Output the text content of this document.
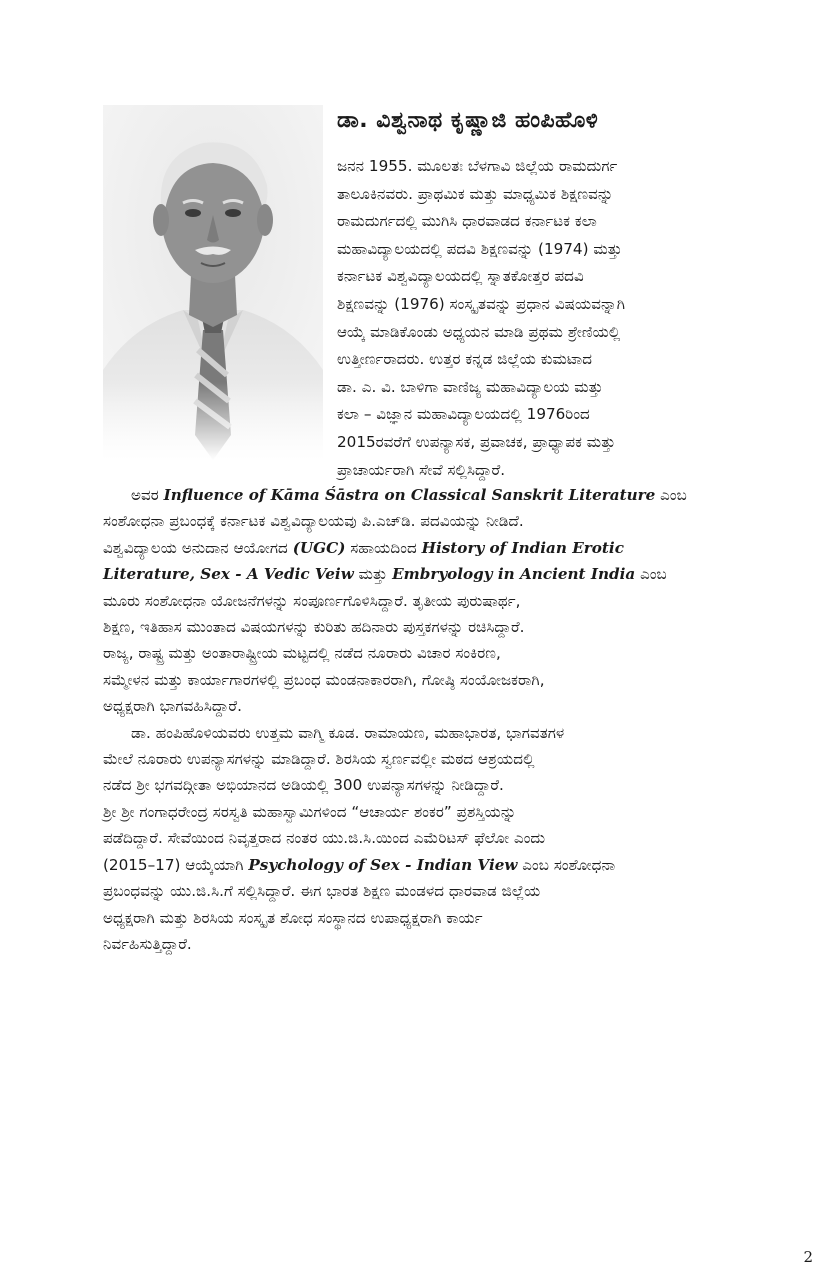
ಡಾ. ವಿಶ್ವನಾಥ ಕೃಷ್ಣಾಜಿ ಹಂಪಿಹೊಳಿ

ಜನನ 1955. ಮೂಲತಃ ಬೆಳಗಾವಿ ಜಿಲ್ಲೆಯ ರಾಮದುರ್ಗ

ತಾಲೂಕಿನವರು. ಪ್ರಾಥಮಿಕ ಮತ್ತು ಮಾಧ್ಯಮಿಕ ಶಿಕ್ಷಣವನ್ನು

ರಾಮದುರ್ಗದಲ್ಲಿ ಮುಗಿಸಿ ಧಾರವಾಡದ ಕರ್ನಾಟಕ ಕಲಾ

ಮಹಾವಿದ್ಯಾಲಯದಲ್ಲಿ ಪದವಿ ಶಿಕ್ಷಣವನ್ನು (1974) ಮತ್ತು

ಕರ್ನಾಟಕ ವಿಶ್ವವಿದ್ಯಾಲಯದಲ್ಲಿ ಸ್ನಾತಕೋತ್ತರ ಪದವಿ

ಶಿಕ್ಷಣವನ್ನು (1976) ಸಂಸ್ಕೃತವನ್ನು ಪ್ರಧಾನ ವಿಷಯವನ್ನಾಗಿ

ಆಯ್ಕೆ ಮಾಡಿಕೊಂಡು ಅಧ್ಯಯನ ಮಾಡಿ ಪ್ರಥಮ ಶ್ರೇಣಿಯಲ್ಲಿ

ಉತ್ತೀರ್ಣರಾದರು. ಉತ್ತರ ಕನ್ನಡ ಜಿಲ್ಲೆಯ ಕುಮಟಾದ

ಡಾ. ಎ. ವಿ. ಬಾಳಿಗಾ ವಾಣಿಜ್ಯ ಮಹಾವಿದ್ಯಾಲಯ ಮತ್ತು

ಕಲಾ – ವಿಜ್ಞಾನ ಮಹಾವಿದ್ಯಾಲಯದಲ್ಲಿ 1976ರಿಂದ

2015ರವರೆಗೆ ಉಪನ್ಯಾಸಕ, ಪ್ರವಾಚಕ, ಪ್ರಾಧ್ಯಾಪಕ ಮತ್ತು

ಪ್ರಾಚಾರ್ಯರಾಗಿ ಸೇವೆ ಸಲ್ಲಿಸಿದ್ದಾರೆ.

ಅವರ Influence of Kāma Śāstra on Classical Sanskrit Literature ಎಂಬ

ಸಂಶೋಧನಾ ಪ್ರಬಂಧಕ್ಕೆ ಕರ್ನಾಟಕ ವಿಶ್ವವಿದ್ಯಾಲಯವು ಪಿ.ಎಚ್‌ಡಿ. ಪದವಿಯನ್ನು ನೀಡಿದೆ.

ವಿಶ್ವವಿದ್ಯಾಲಯ ಅನುದಾನ ಆಯೋಗದ (UGC) ಸಹಾಯದಿಂದ History of Indian Erotic

Literature, Sex - A Vedic Veiw ಮತ್ತು Embryology in Ancient India ಎಂಬ

ಮೂರು ಸಂಶೋಧನಾ ಯೋಜನೆಗಳನ್ನು ಸಂಪೂರ್ಣಗೊಳಿಸಿದ್ದಾರೆ. ತೃತೀಯ ಪುರುಷಾರ್ಥ,

ಶಿಕ್ಷಣ, ಇತಿಹಾಸ ಮುಂತಾದ ವಿಷಯಗಳನ್ನು ಕುರಿತು ಹದಿನಾರು ಪುಸ್ತಕಗಳನ್ನು ರಚಿಸಿದ್ದಾರೆ.

ರಾಜ್ಯ, ರಾಷ್ಟ್ರ ಮತ್ತು ಅಂತಾರಾಷ್ಟ್ರೀಯ ಮಟ್ಟದಲ್ಲಿ ನಡೆದ ನೂರಾರು ವಿಚಾರ ಸಂಕಿರಣ,

ಸಮ್ಮೇಳನ ಮತ್ತು ಕಾರ್ಯಾಗಾರಗಳಲ್ಲಿ ಪ್ರಬಂಧ ಮಂಡನಾಕಾರರಾಗಿ, ಗೋಷ್ಠಿ ಸಂಯೋಜಕರಾಗಿ,

ಅಧ್ಯಕ್ಷರಾಗಿ ಭಾಗವಹಿಸಿದ್ದಾರೆ.

ಡಾ. ಹಂಪಿಹೊಳಿಯವರು ಉತ್ತಮ ವಾಗ್ಮಿ ಕೂಡ. ರಾಮಾಯಣ, ಮಹಾಭಾರತ, ಭಾಗವತಗಳ

ಮೇಲೆ ನೂರಾರು ಉಪನ್ಯಾಸಗಳನ್ನು ಮಾಡಿದ್ದಾರೆ. ಶಿರಸಿಯ ಸ್ವರ್ಣವಲ್ಲೀ ಮಠದ ಆಶ್ರಯದಲ್ಲಿ

ನಡೆದ ಶ್ರೀ ಭಗವದ್ಗೀತಾ ಅಭಿಯಾನದ ಅಡಿಯಲ್ಲಿ 300 ಉಪನ್ಯಾಸಗಳನ್ನು ನೀಡಿದ್ದಾರೆ.

ಶ್ರೀ ಶ್ರೀ ಗಂಗಾಧರೇಂದ್ರ ಸರಸ್ವತಿ ಮಹಾಸ್ವಾಮಿಗಳಿಂದ “ಆಚಾರ್ಯ ಶಂಕರ” ಪ್ರಶಸ್ತಿಯನ್ನು

ಪಡೆದಿದ್ದಾರೆ. ಸೇವೆಯಿಂದ ನಿವೃತ್ತರಾದ ನಂತರ ಯು.ಜಿ.ಸಿ.ಯಿಂದ ಎಮೆರಿಟಸ್ ಫೆಲೋ ಎಂದು

(2015–17) ಆಯ್ಕೆಯಾಗಿ Psychology of Sex - Indian View ಎಂಬ ಸಂಶೋಧನಾ

ಪ್ರಬಂಧವನ್ನು ಯು.ಜಿ.ಸಿ.ಗೆ ಸಲ್ಲಿಸಿದ್ದಾರೆ. ಈಗ ಭಾರತ ಶಿಕ್ಷಣ ಮಂಡಳದ ಧಾರವಾಡ ಜಿಲ್ಲೆಯ

ಅಧ್ಯಕ್ಷರಾಗಿ ಮತ್ತು ಶಿರಸಿಯ ಸಂಸ್ಕೃತ ಶೋಧ ಸಂಸ್ಥಾನದ ಉಪಾಧ್ಯಕ್ಷರಾಗಿ ಕಾರ್ಯ

ನಿರ್ವಹಿಸುತ್ತಿದ್ದಾರೆ.

2
